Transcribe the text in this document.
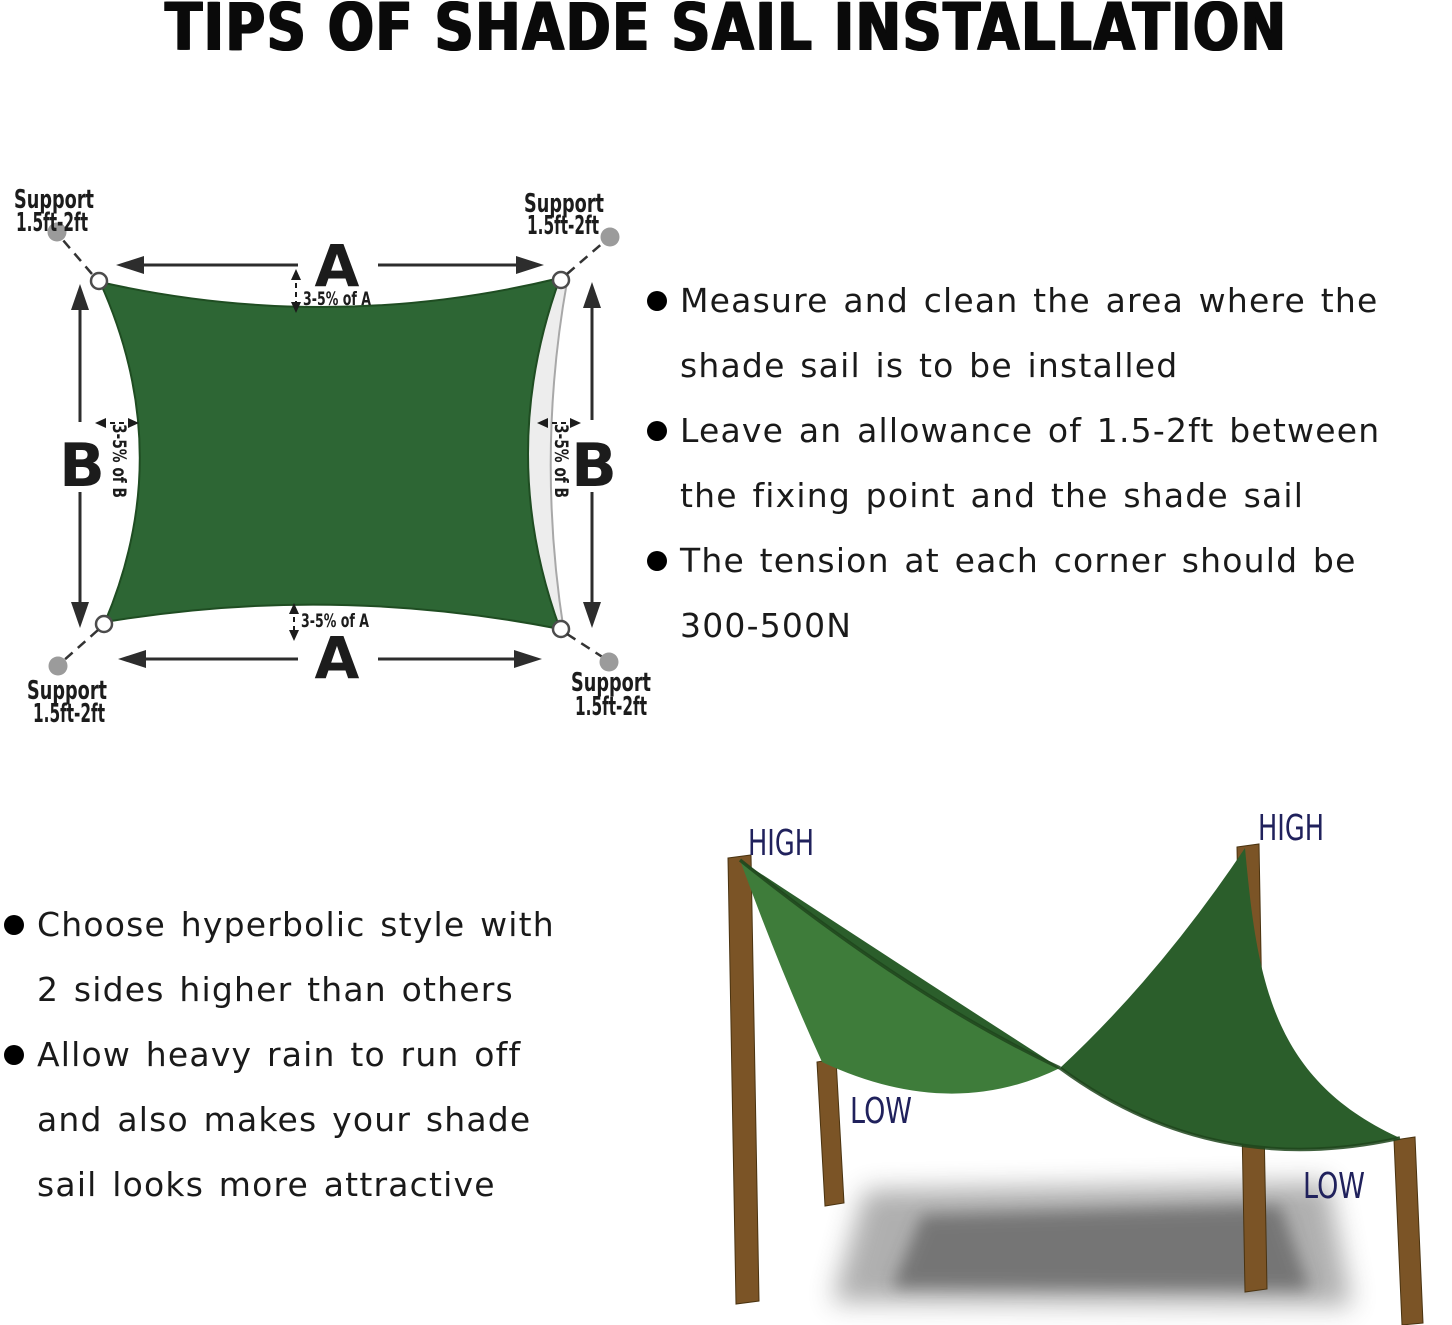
TIPS OF SHADE SAIL INSTALLATION
Support
1.5ft-2ft
Support
1.5ft-2ft
Support
1.5ft-2ft
Support
1.5ft-2ft
A
3-5% of A
B 3-5% of B	B
3-5% of B
3-5% of A
A
Measure and clean the area where the
shade sail is to be installed
Leave an allowance of 1.5-2ft between
the fixing point and the shade sail
The tension at each corner should be
300-500N
Choose hyperbolic style with
2 sides higher than others
Allow heavy rain to run off
and also makes your shade
sail looks more attractive
HIGH	HIGH
LOW
LOW
